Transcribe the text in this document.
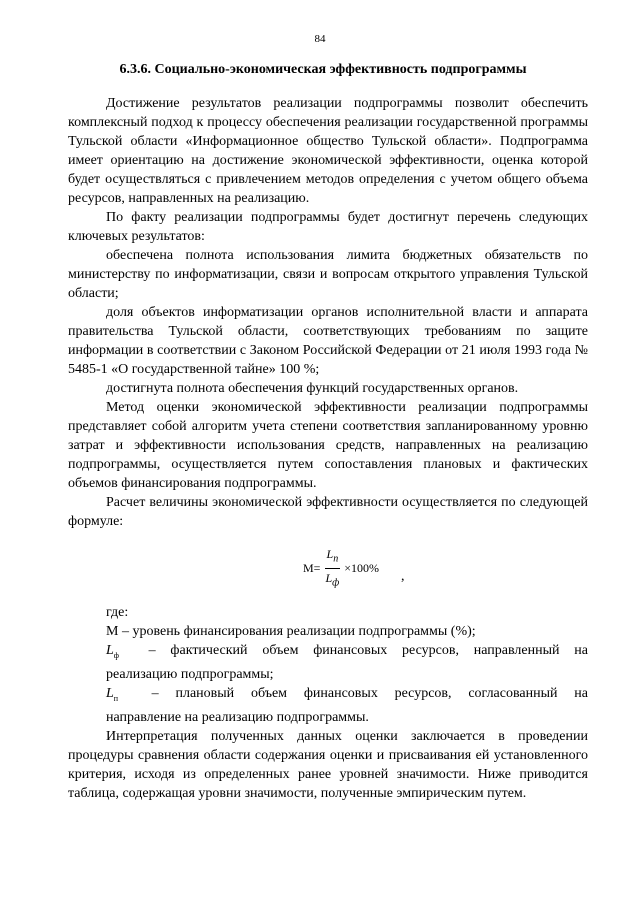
84
6.3.6. Социально-экономическая эффективность подпрограммы

Достижение результатов реализации подпрограммы позволит обеспечить комплексный подход к процессу обеспечения реализации государственной программы Тульской области «Информационное общество Тульской области». Подпрограмма имеет ориентацию на достижение экономической эффективности, оценка которой будет осуществляться с привлечением методов определения с учетом общего объема ресурсов, направленных на реализацию.

По факту реализации подпрограммы будет достигнут перечень следующих ключевых результатов:

обеспечена полнота использования лимита бюджетных обязательств по министерству по информатизации, связи и вопросам открытого управления Тульской области;

доля объектов информатизации органов исполнительной власти и аппарата правительства Тульской области, соответствующих требованиям по защите информации в соответствии с Законом Российской Федерации от 21 июля 1993 года № 5485-1 «О государственной тайне» 100 %;

достигнута полнота обеспечения функций государственных органов.

Метод оценки экономической эффективности реализации подпрограммы представляет собой алгоритм учета степени соответствия запланированному уровню затрат и эффективности использования средств, направленных на реализацию подпрограммы, осуществляется путем сопоставления плановых и фактических объемов финансирования подпрограммы.

Расчет величины экономической эффективности осуществляется по следующей формуле:

$М = \frac{L_п}{L_ф} \times 100\%$
,

где:

М – уровень финансирования реализации подпрограммы (%);

$L_ф$ – фактический объем финансовых ресурсов, направленный на

реализацию подпрограммы;

$L_п$ – плановый объем финансовых ресурсов, согласованный на

направление на реализацию подпрограммы.

Интерпретация полученных данных оценки заключается в проведении процедуры сравнения области содержания оценки и присваивания ей установленного критерия, исходя из определенных ранее уровней значимости. Ниже приводится таблица, содержащая уровни значимости, полученные эмпирическим путем.
